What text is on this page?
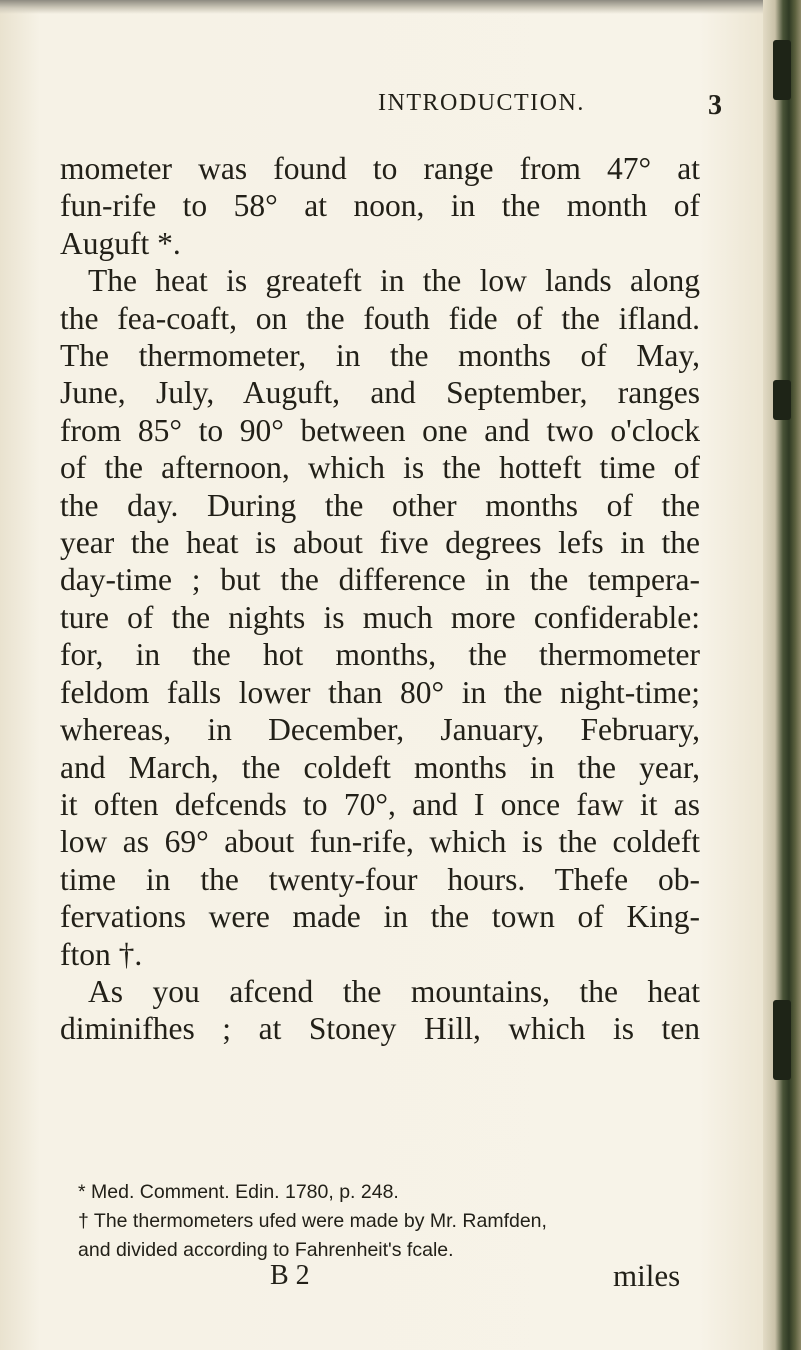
INTRODUCTION.	3
mometer was found to range from 47° at
fun-rife to 58° at noon, in the month of
Auguft *.
The heat is greateft in the low lands along
the fea-coaft, on the fouth fide of the ifland.
The thermometer, in the months of May,
June, July, Auguft, and September, ranges
from 85° to 90° between one and two o'clock
of the afternoon, which is the hotteft time of
the day. During the other months of the
year the heat is about five degrees lefs in the
day-time ; but the difference in the tempera-
ture of the nights is much more confiderable:
for, in the hot months, the thermometer
feldom falls lower than 80° in the night-time;
whereas, in December, January, February,
and March, the coldeft months in the year,
it often defcends to 70°, and I once faw it as
low as 69° about fun-rife, which is the coldeft
time in the twenty-four hours. Thefe ob-
fervations were made in the town of King-
fton †.
As you afcend the mountains, the heat
diminifhes ; at Stoney Hill, which is ten
* Med. Comment. Edin. 1780, p. 248.
† The thermometers ufed were made by Mr. Ramfden,
and divided according to Fahrenheit's fcale.
B 2	miles
